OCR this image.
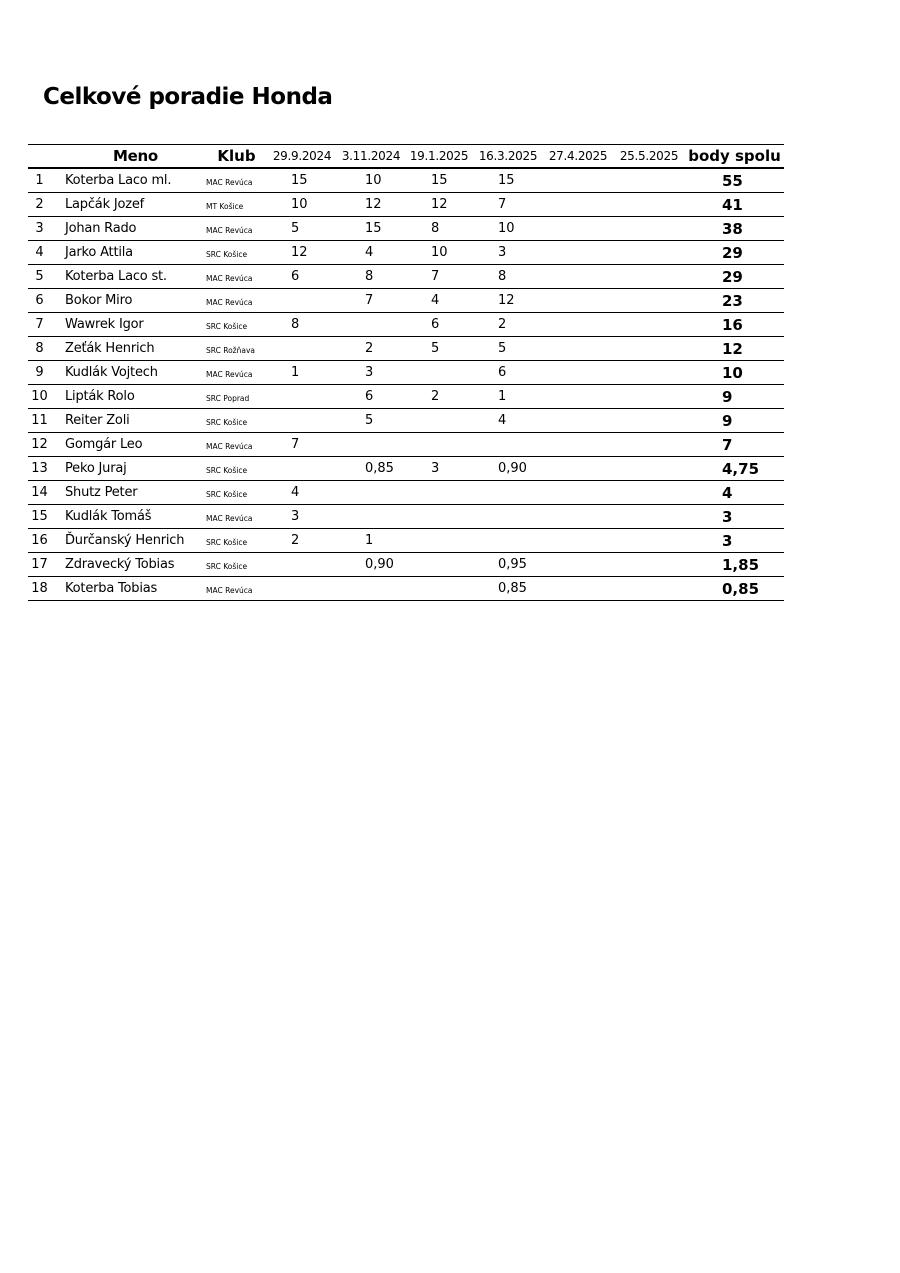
Celkové poradie Honda
	Meno	Klub	29.9.2024	3.11.2024	19.1.2025	16.3.2025	27.4.2025	25.5.2025	body spolu
1	Koterba Laco ml.	MAC Revúca	15	10	15	15			55
2	Lapčák Jozef	MT Košice	10	12	12	7			41
3	Johan Rado	MAC Revúca	5	15	8	10			38
4	Jarko Attila	SRC Košice	12	4	10	3			29
5	Koterba Laco st.	MAC Revúca	6	8	7	8			29
6	Bokor Miro	MAC Revúca		7	4	12			23
7	Wawrek Igor	SRC Košice	8		6	2			16
8	Zeťák Henrich	SRC Rožňava		2	5	5			12
9	Kudlák Vojtech	MAC Revúca	1	3		6			10
10	Lipták Rolo	SRC Poprad		6	2	1			9
11	Reiter Zoli	SRC Košice		5		4			9
12	Gomgár Leo	MAC Revúca	7						7
13	Peko Juraj	SRC Košice		0,85	3	0,90			4,75
14	Shutz Peter	SRC Košice	4						4
15	Kudlák Tomáš	MAC Revúca	3						3
16	Ďurčanský Henrich	SRC Košice	2	1					3
17	Zdravecký Tobias	SRC Košice		0,90		0,95			1,85
18	Koterba Tobias	MAC Revúca				0,85			0,85
